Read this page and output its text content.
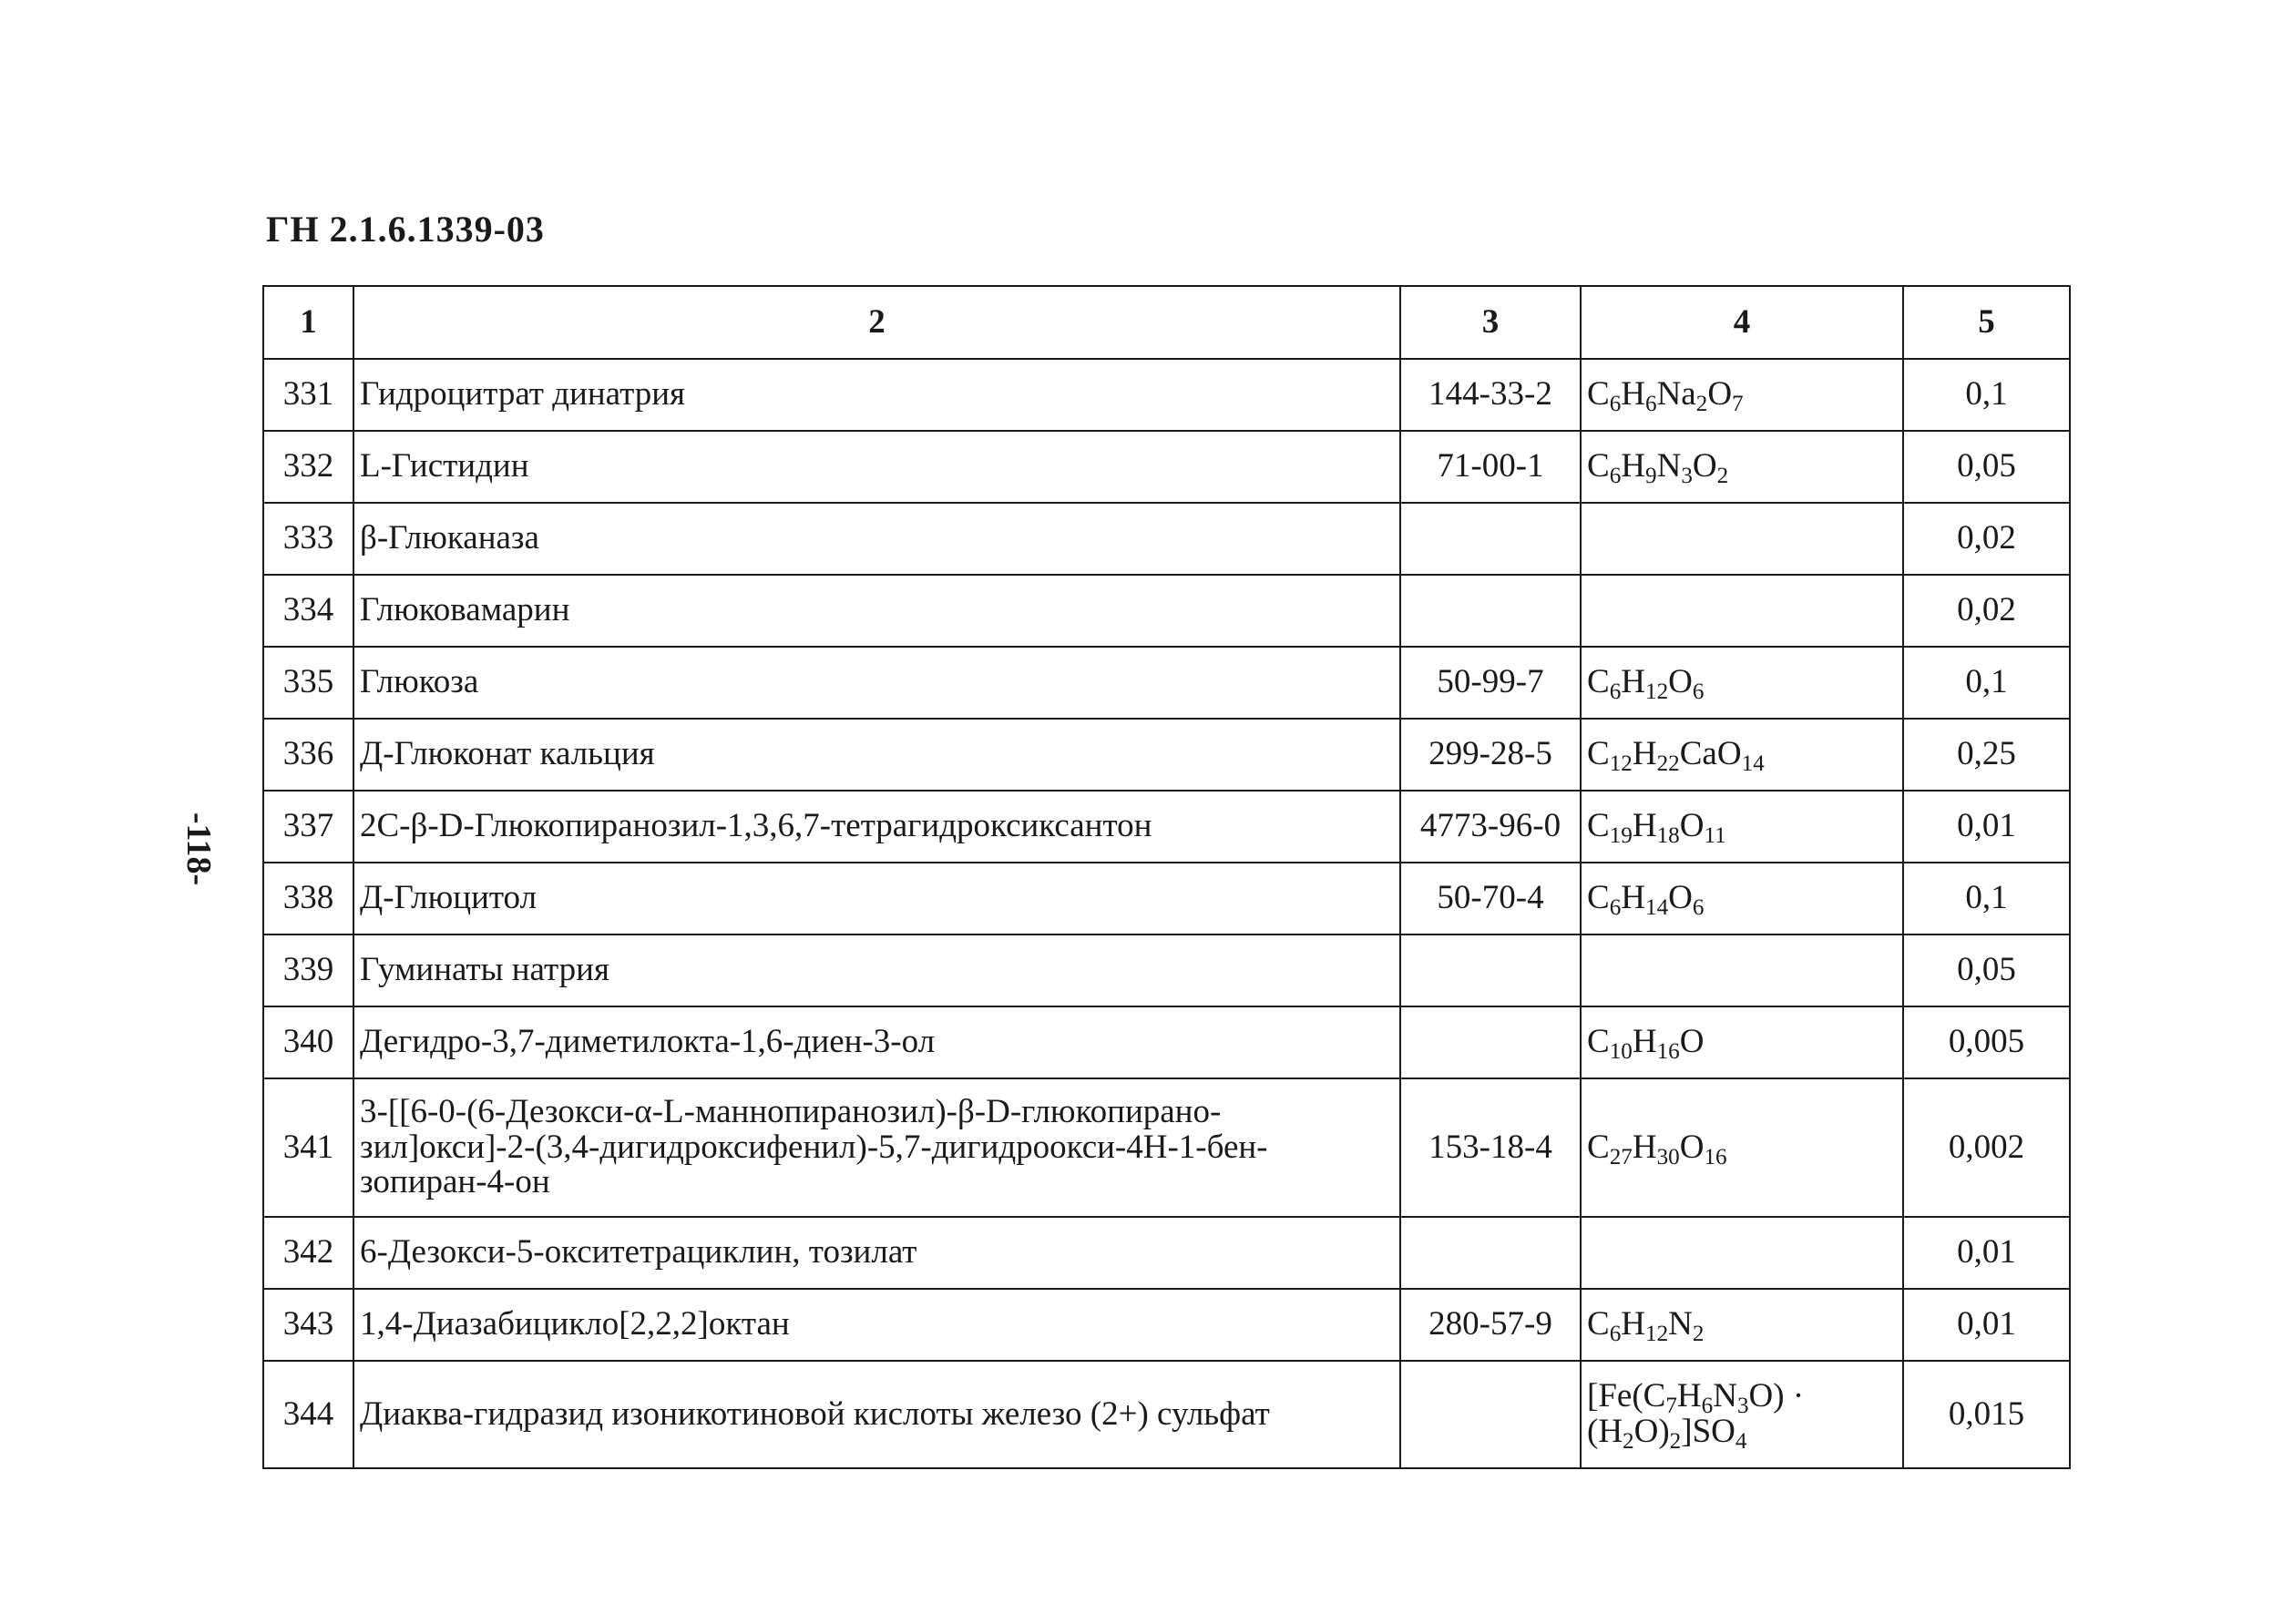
ГН 2.1.6.1339-03
-118-
1	2	3	4	5
331	Гидроцитрат динатрия	144-33-2	$C_6H_6Na_2O_7$	0,1
332	L-Гистидин	71-00-1	$C_6H_9N_3O_2$	0,05
333	β-Глюканаза			0,02
334	Глюковамарин			0,02
335	Глюкоза	50-99-7	$C_6H_{12}O_6$	0,1
336	Д-Глюконат кальция	299-28-5	$C_{12}H_{22}CaO_{14}$	0,25
337	2С-β-D-Глюкопиранозил-1,3,6,7-тетрагидроксиксантон	4773-96-0	$C_{19}H_{18}O_{11}$	0,01
338	Д-Глюцитол	50-70-4	$C_6H_{14}O_6$	0,1
339	Гуминаты натрия			0,05
340	Дегидро-3,7-диметилокта-1,6-диен-3-ол		$C_{10}H_{16}O$	0,005
341	3-[[6-0-(6-Дезокси-α-L-маннопиранозил)-β-D-глюкопирано-
зил]окси]-2-(3,4-дигидроксифенил)-5,7-дигидроокси-4Н-1-бен-
зопиран-4-он	153-18-4	$C_{27}H_{30}O_{16}$	0,002
342	6-Дезокси-5-окситетрациклин, тозилат			0,01
343	1,4-Диазабицикло[2,2,2]октан	280-57-9	$C_6H_{12}N_2$	0,01
344	Диаква-гидразид изоникотиновой кислоты железо (2+) сульфат		[$Fe(C_7H_6N_3O)$ ·
$(H_2O)_2]SO_4$	0,015
